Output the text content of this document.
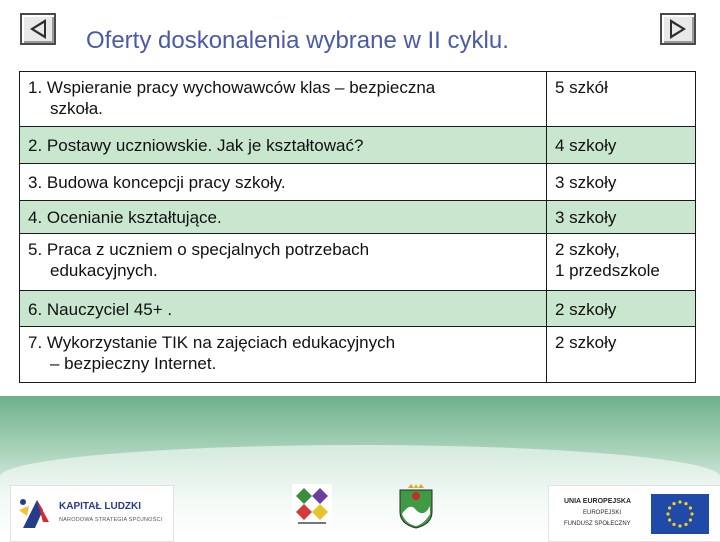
Oferty doskonalenia wybrane w II cyklu.
1. Wspieranie pracy wychowawców klas – bezpieczna
szkoła.	5 szkół
2. Postawy uczniowskie. Jak je kształtować?	4 szkoły
3. Budowa koncepcji pracy szkoły.	3 szkoły
4. Ocenianie kształtujące.	3 szkoły
5. Praca z uczniem o specjalnych potrzebach
edukacyjnych.	2 szkoły,
1 przedszkole

6. Nauczyciel 45+ .	2 szkoły
7. Wykorzystanie TIK na zajęciach edukacyjnych
– bezpieczny Internet.	2 szkoły
KAPITAŁ LUDZKI
NARODOWA STRATEGIA SPÓJNOŚCI
UNIA EUROPEJSKA
EUROPEJSKI
FUNDUSZ SPOŁECZNY
